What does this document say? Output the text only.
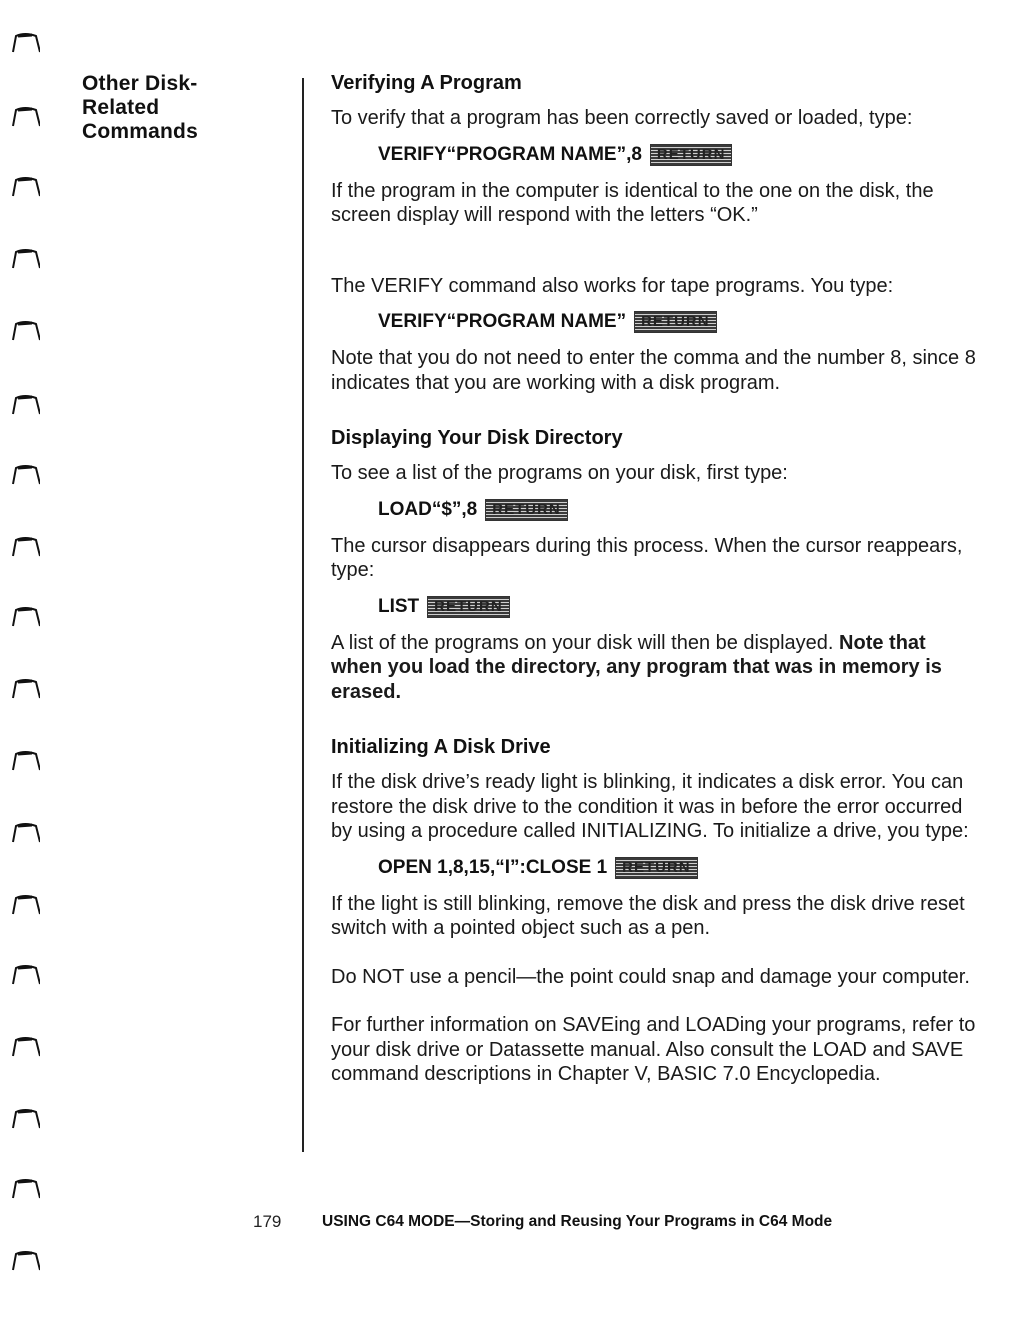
Other Disk-
Related
Commands
Verifying A Program

To verify that a program has been correctly saved or loaded, type:

VERIFY“PROGRAM NAME”,8	RETURN

If the program in the computer is identical to the one on the disk, the screen display will respond with the letters “OK.”

The VERIFY command also works for tape programs. You type:

VERIFY“PROGRAM NAME”	RETURN

Note that you do not need to enter the comma and the number 8, since 8 indicates that you are working with a disk program.

Displaying Your Disk Directory

To see a list of the programs on your disk, first type:

LOAD“$”,8	RETURN

The cursor disappears during this process. When the cursor reappears, type:

LIST	RETURN

A list of the programs on your disk will then be displayed. Note that when you load the directory, any program that was in memory is erased.

Initializing A Disk Drive

If the disk drive’s ready light is blinking, it indicates a disk error. You can restore the disk drive to the condition it was in before the error occurred by using a procedure called INITIALIZING. To initialize a drive, you type:

OPEN 1,8,15,“I”:CLOSE 1	RETURN

If the light is still blinking, remove the disk and press the disk drive reset switch with a pointed object such as a pen.

Do NOT use a pencil—the point could snap and damage your computer.

For further information on SAVEing and LOADing your programs, refer to your disk drive or Datassette manual. Also consult the LOAD and SAVE command descriptions in Chapter V, BASIC 7.0 Encyclopedia.

179	USING C64 MODE—Storing and Reusing Your Programs in C64 Mode
